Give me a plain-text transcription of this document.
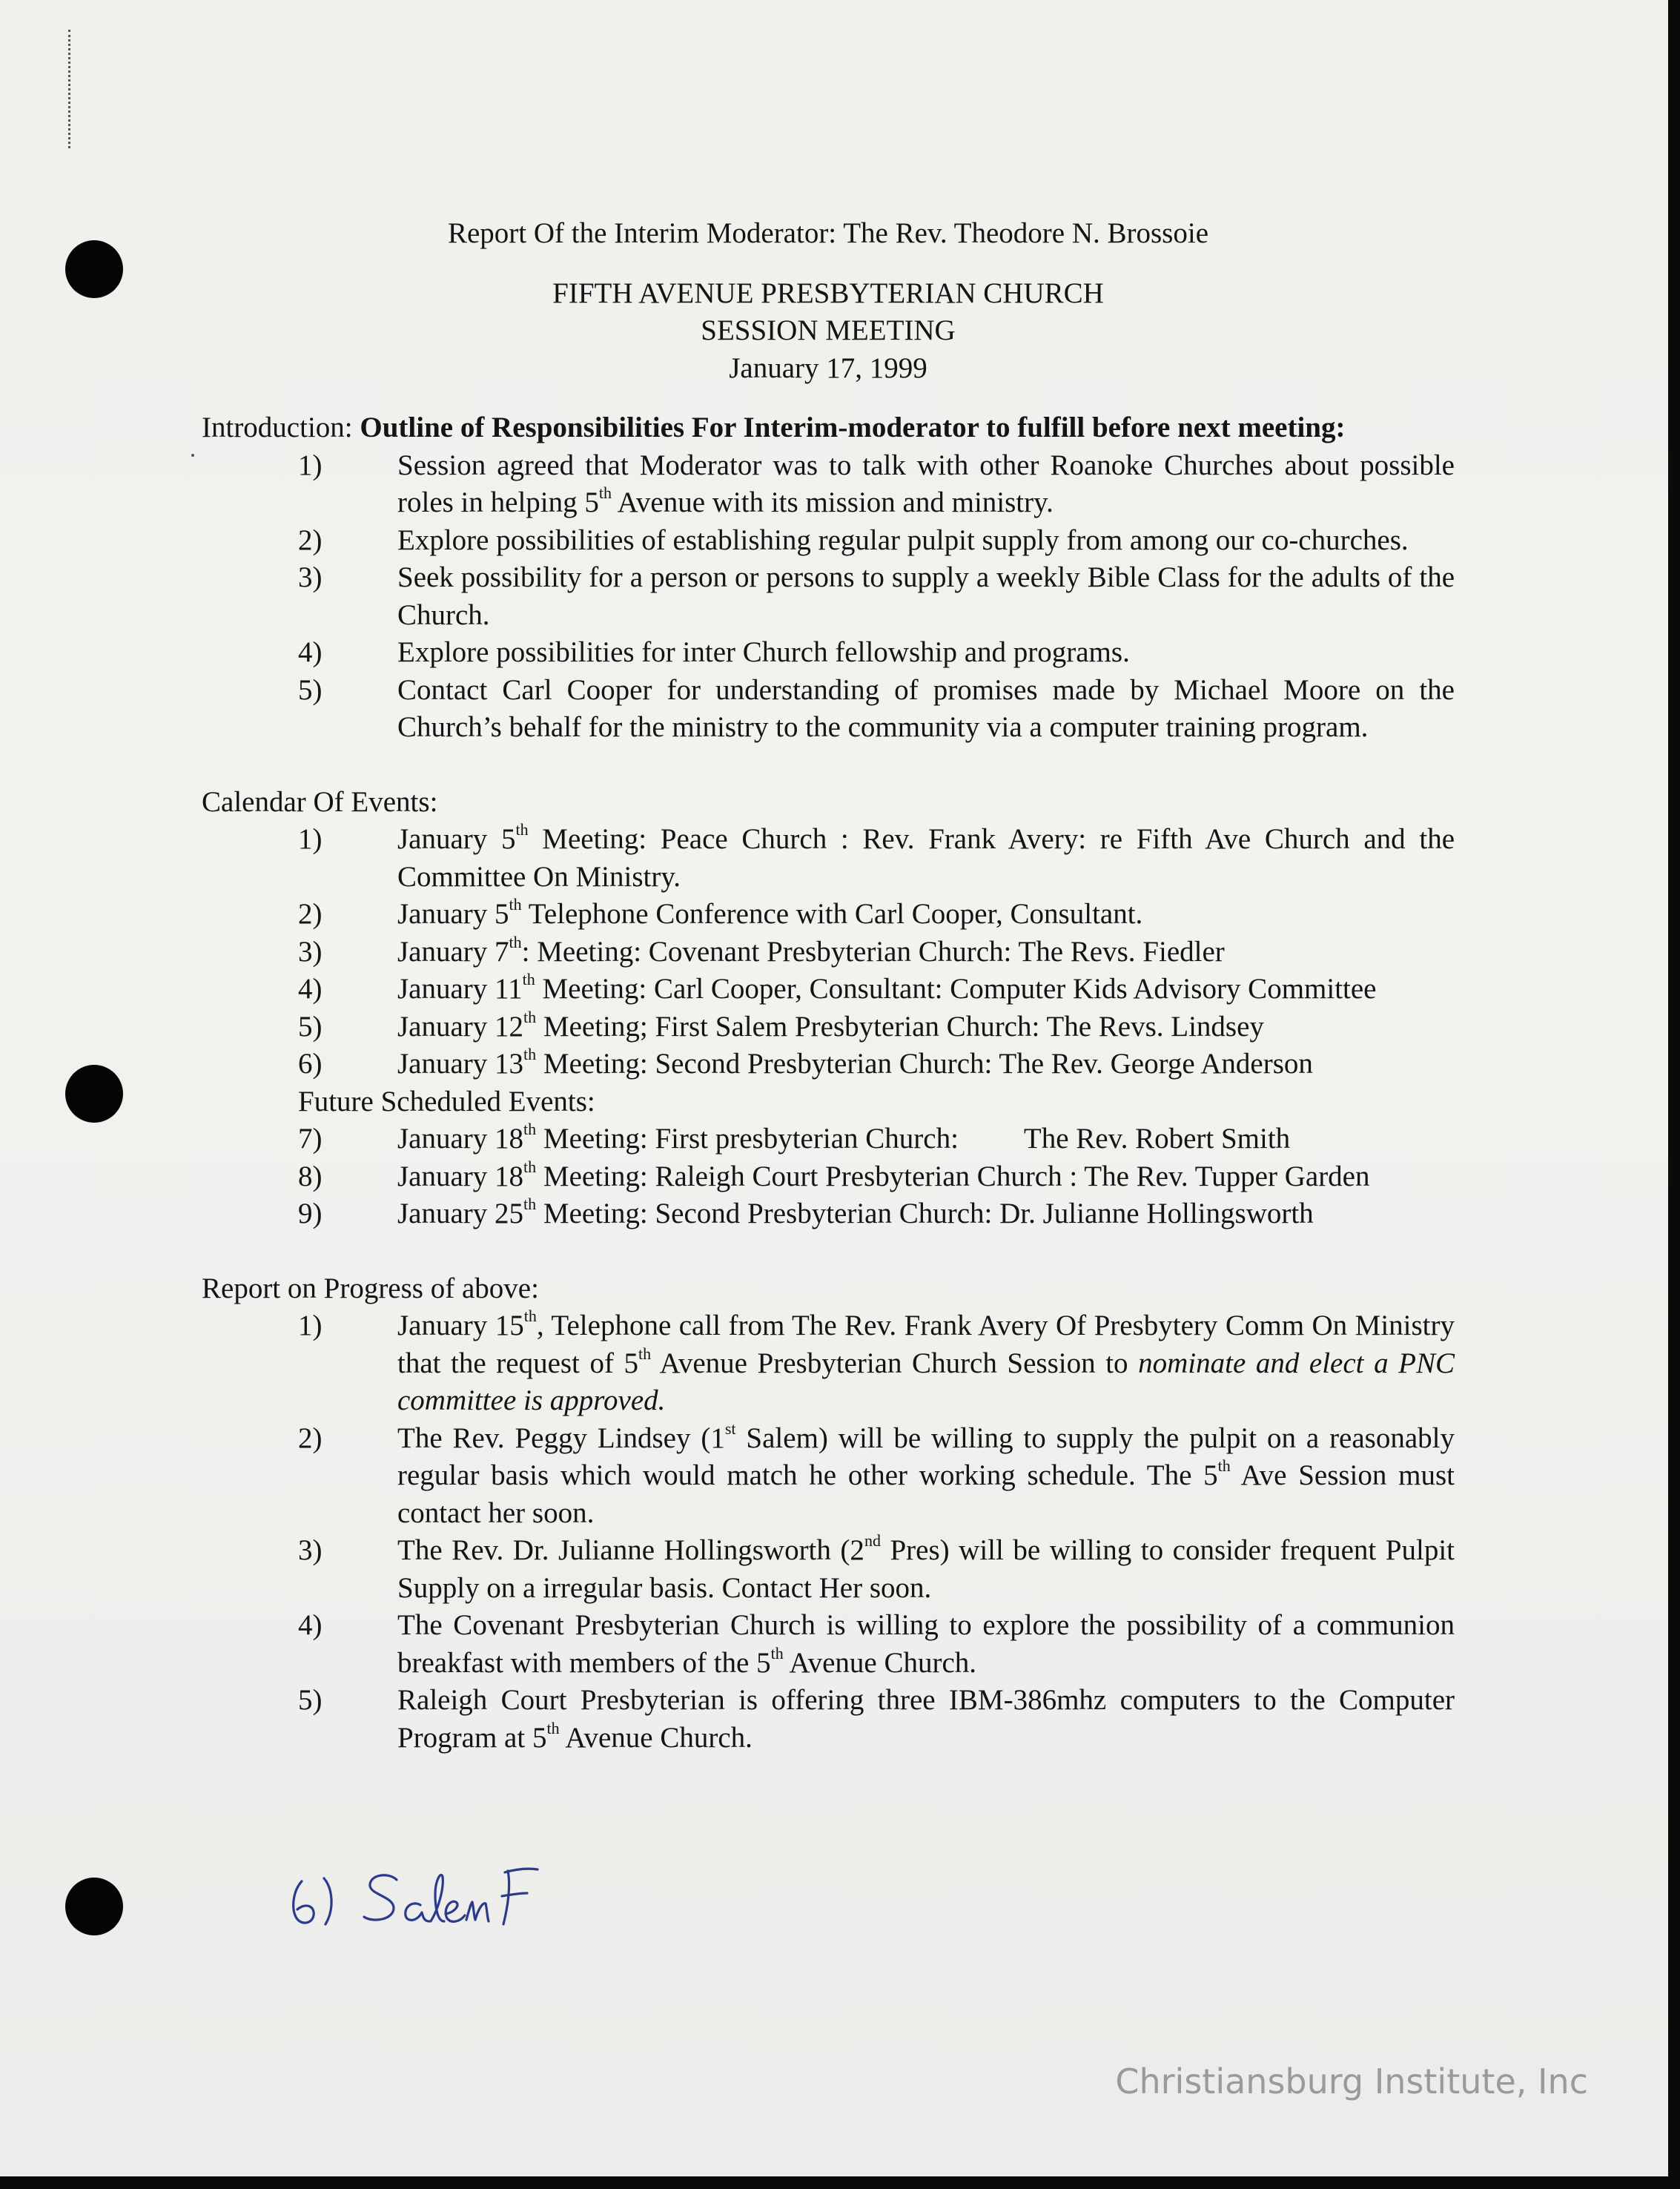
Report Of the Interim Moderator: The Rev. Theodore N. Brossoie
FIFTH AVENUE PRESBYTERIAN CHURCH
SESSION MEETING
January 17, 1999
Introduction: Outline of Responsibilities For Interim-moderator to fulfill before next meeting:
1)	Session agreed that Moderator was to talk with other Roanoke Churches about possible roles in helping 5th Avenue with its mission and ministry.
2)	Explore possibilities of establishing regular pulpit supply from among our co-churches.
3)	Seek possibility for a person or persons to supply a weekly Bible Class for the adults of the Church.
4)	Explore possibilities for inter Church fellowship and programs.
5)	Contact Carl Cooper for understanding of promises made by Michael Moore on the Church’s behalf for the ministry to the community via a computer training program.
Calendar Of Events:
1)	January 5th Meeting: Peace Church : Rev. Frank Avery: re Fifth Ave Church and the Committee On Ministry.
2)	January 5th Telephone Conference with Carl Cooper, Consultant.
3)	January 7th: Meeting: Covenant Presbyterian Church: The Revs. Fiedler
4)	January 11th Meeting: Carl Cooper, Consultant: Computer Kids Advisory Committee
5)	January 12th Meeting; First Salem Presbyterian Church: The Revs. Lindsey
6)	January 13th Meeting: Second Presbyterian Church: The Rev. George Anderson
Future Scheduled Events:
7)	January 18th Meeting: First presbyterian Church: The Rev. Robert Smith
8)	January 18th Meeting: Raleigh Court Presbyterian Church : The Rev. Tupper Garden
9)	January 25th Meeting: Second Presbyterian Church: Dr. Julianne Hollingsworth
Report on Progress of above:
1)	January 15th, Telephone call from The Rev. Frank Avery Of Presbytery Comm On Ministry that the request of 5th Avenue Presbyterian Church Session to nominate and elect a PNC committee is approved.
2)	The Rev. Peggy Lindsey (1st Salem) will be willing to supply the pulpit on a reasonably regular basis which would match he other working schedule. The 5th Ave Session must contact her soon.
3)	The Rev. Dr. Julianne Hollingsworth (2nd Pres) will be willing to consider frequent Pulpit Supply on a irregular basis. Contact Her soon.
4)	The Covenant Presbyterian Church is willing to explore the possibility of a communion breakfast with members of the 5th Avenue Church.
5)	Raleigh Court Presbyterian is offering three IBM-386mhz computers to the Computer Program at 5th Avenue Church.
Christiansburg Institute, Inc
